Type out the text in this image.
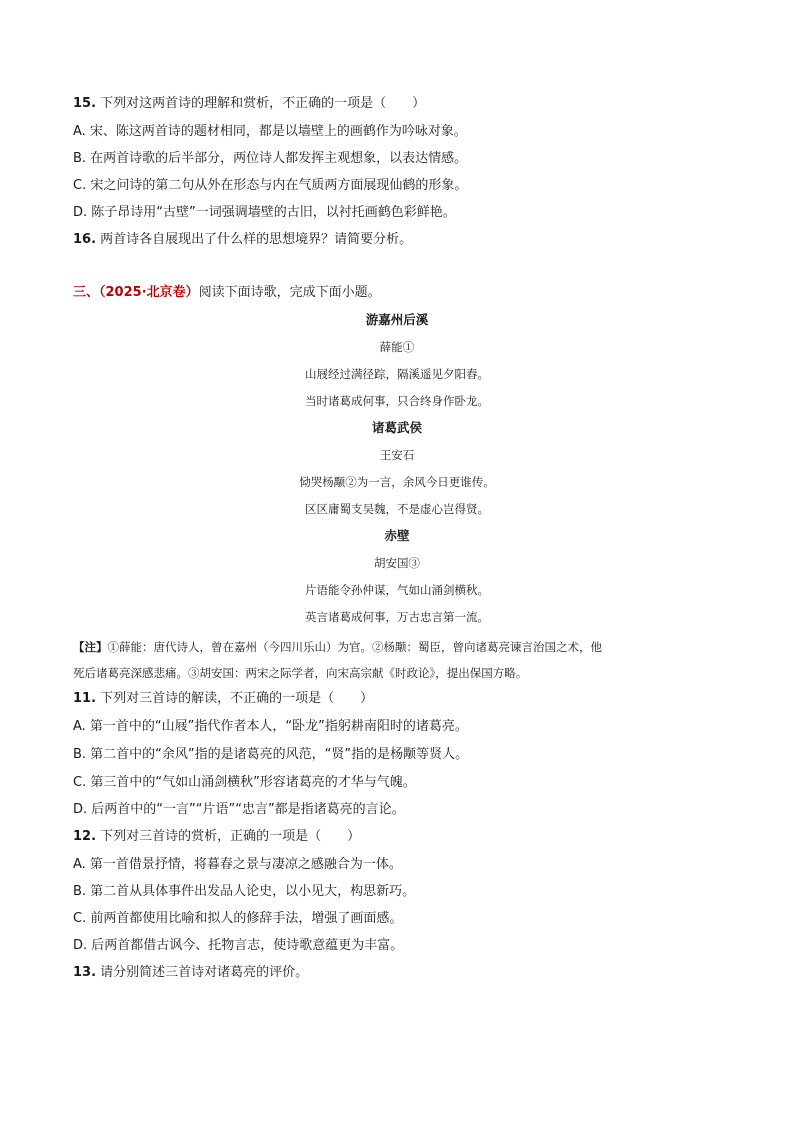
15. 下列对这两首诗的理解和赏析，不正确的一项是（　　）
A. 宋、陈这两首诗的题材相同，都是以墙壁上的画鹤作为吟咏对象。
B. 在两首诗歌的后半部分，两位诗人都发挥主观想象，以表达情感。
C. 宋之问诗的第二句从外在形态与内在气质两方面展现仙鹤的形象。
D. 陈子昂诗用“古壁”一词强调墙壁的古旧，以衬托画鹤色彩鲜艳。
16. 两首诗各自展现出了什么样的思想境界？请简要分析。
三、（2025·北京卷）阅读下面诗歌，完成下面小题。
游嘉州后溪
薛能①
山屐经过满径踪，隔溪遥见夕阳舂。
当时诸葛成何事，只合终身作卧龙。
诸葛武侯
王安石
恸哭杨颙②为一言，余风今日更谁传。
区区庸蜀支吴魏，不是虚心岂得贤。
赤壁
胡安国③
片语能令孙仲谋，气如山涌剑横秋。
英言诸葛成何事，万古忠言第一流。
【注】①薛能：唐代诗人，曾在嘉州（今四川乐山）为官。②杨颙：蜀臣，曾向诸葛亮谏言治国之术，他
死后诸葛亮深感悲痛。③胡安国：两宋之际学者，向宋高宗献《时政论》，提出保国方略。
11. 下列对三首诗的解读，不正确的一项是（　　）
A. 第一首中的“山屐”指代作者本人，“卧龙”指躬耕南阳时的诸葛亮。
B. 第二首中的“余风”指的是诸葛亮的风范，“贤”指的是杨颙等贤人。
C. 第三首中的“气如山涌剑横秋”形容诸葛亮的才华与气魄。
D. 后两首中的“一言”“片语”“忠言”都是指诸葛亮的言论。
12. 下列对三首诗的赏析，正确的一项是（　　）
A. 第一首借景抒情，将暮春之景与凄凉之感融合为一体。
B. 第二首从具体事件出发品人论史，以小见大，构思新巧。
C. 前两首都使用比喻和拟人的修辞手法，增强了画面感。
D. 后两首都借古讽今、托物言志，使诗歌意蕴更为丰富。
13. 请分别简述三首诗对诸葛亮的评价。
